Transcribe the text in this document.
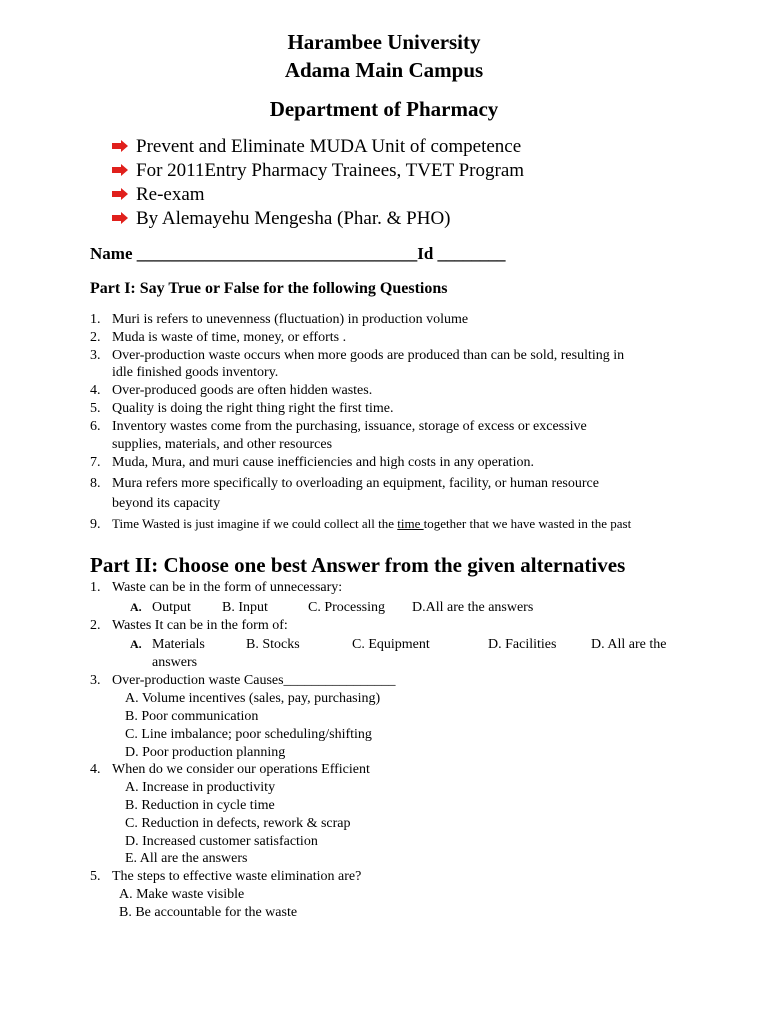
Harambee University
Adama Main Campus
Department of Pharmacy
Prevent and Eliminate MUDA Unit of competence
For 2011Entry Pharmacy Trainees, TVET Program
Re-exam
By Alemayehu Mengesha (Phar. & PHO)
Name _________________________________Id ________
Part I: Say True or False for the following Questions
1. Muri is refers to unevenness (fluctuation) in production volume
2. Muda is waste of time, money, or efforts .
3. Over-production waste occurs when more goods are produced than can be sold, resulting in
idle finished goods inventory.
4. Over-produced goods are often hidden wastes.
5. Quality is doing the right thing right the first time.
6. Inventory wastes come from the purchasing, issuance, storage of excess or excessive
supplies, materials, and other resources
7. Muda, Mura, and muri cause inefficiencies and high costs in any operation.
8. Mura refers more specifically to overloading an equipment, facility, or human resource
beyond its capacity
9. Time Wasted is just imagine if we could collect all the time together that we have wasted in the past
Part II: Choose one best Answer from the given alternatives
1. Waste can be in the form of unnecessary:
A. Output B. Input	C. Processing D.All are the answers
2. Wastes It can be in the form of:
A. Materials	B. Stocks	C. Equipment	D. Facilities D. All are the
answers
3. Over-production waste Causes________________
A. Volume incentives (sales, pay, purchasing)
B. Poor communication
C. Line imbalance; poor scheduling/shifting
D. Poor production planning
4. When do we consider our operations Efficient
A. Increase in productivity
B. Reduction in cycle time
C. Reduction in defects, rework & scrap
D. Increased customer satisfaction
E. All are the answers
5. The steps to effective waste elimination are?
A. Make waste visible
B. Be accountable for the waste
